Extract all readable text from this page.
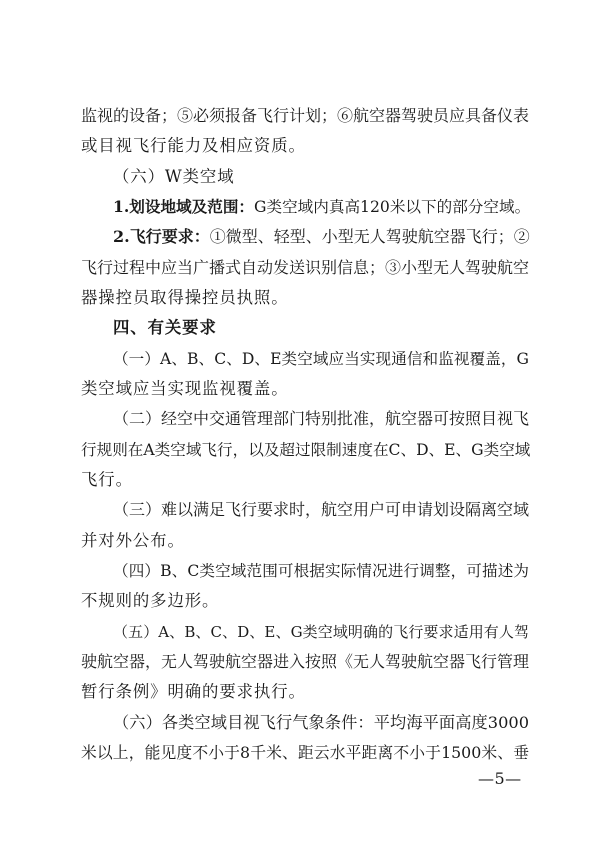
监视的设备；⑤必须报备飞行计划；⑥航空器驾驶员应具备仪表
或目视飞行能力及相应资质。
（六）W类空域
1.划设地域及范围：G类空域内真高120米以下的部分空域。
2.飞行要求：①微型、轻型、小型无人驾驶航空器飞行；②
飞行过程中应当广播式自动发送识别信息；③小型无人驾驶航空
器操控员取得操控员执照。
四、有关要求
（一）A、B、C、D、E类空域应当实现通信和监视覆盖，G
类空域应当实现监视覆盖。
（二）经空中交通管理部门特别批准，航空器可按照目视飞
行规则在A类空域飞行，以及超过限制速度在C、D、E、G类空域
飞行。
（三）难以满足飞行要求时，航空用户可申请划设隔离空域
并对外公布。
（四）B、C类空域范围可根据实际情况进行调整，可描述为
不规则的多边形。
（五）A、B、C、D、E、G类空域明确的飞行要求适用有人驾
驶航空器，无人驾驶航空器进入按照《无人驾驶航空器飞行管理
暂行条例》明确的要求执行。
（六）各类空域目视飞行气象条件：平均海平面高度3000
米以上，能见度不小于8千米、距云水平距离不小于1500米、垂
—5—
